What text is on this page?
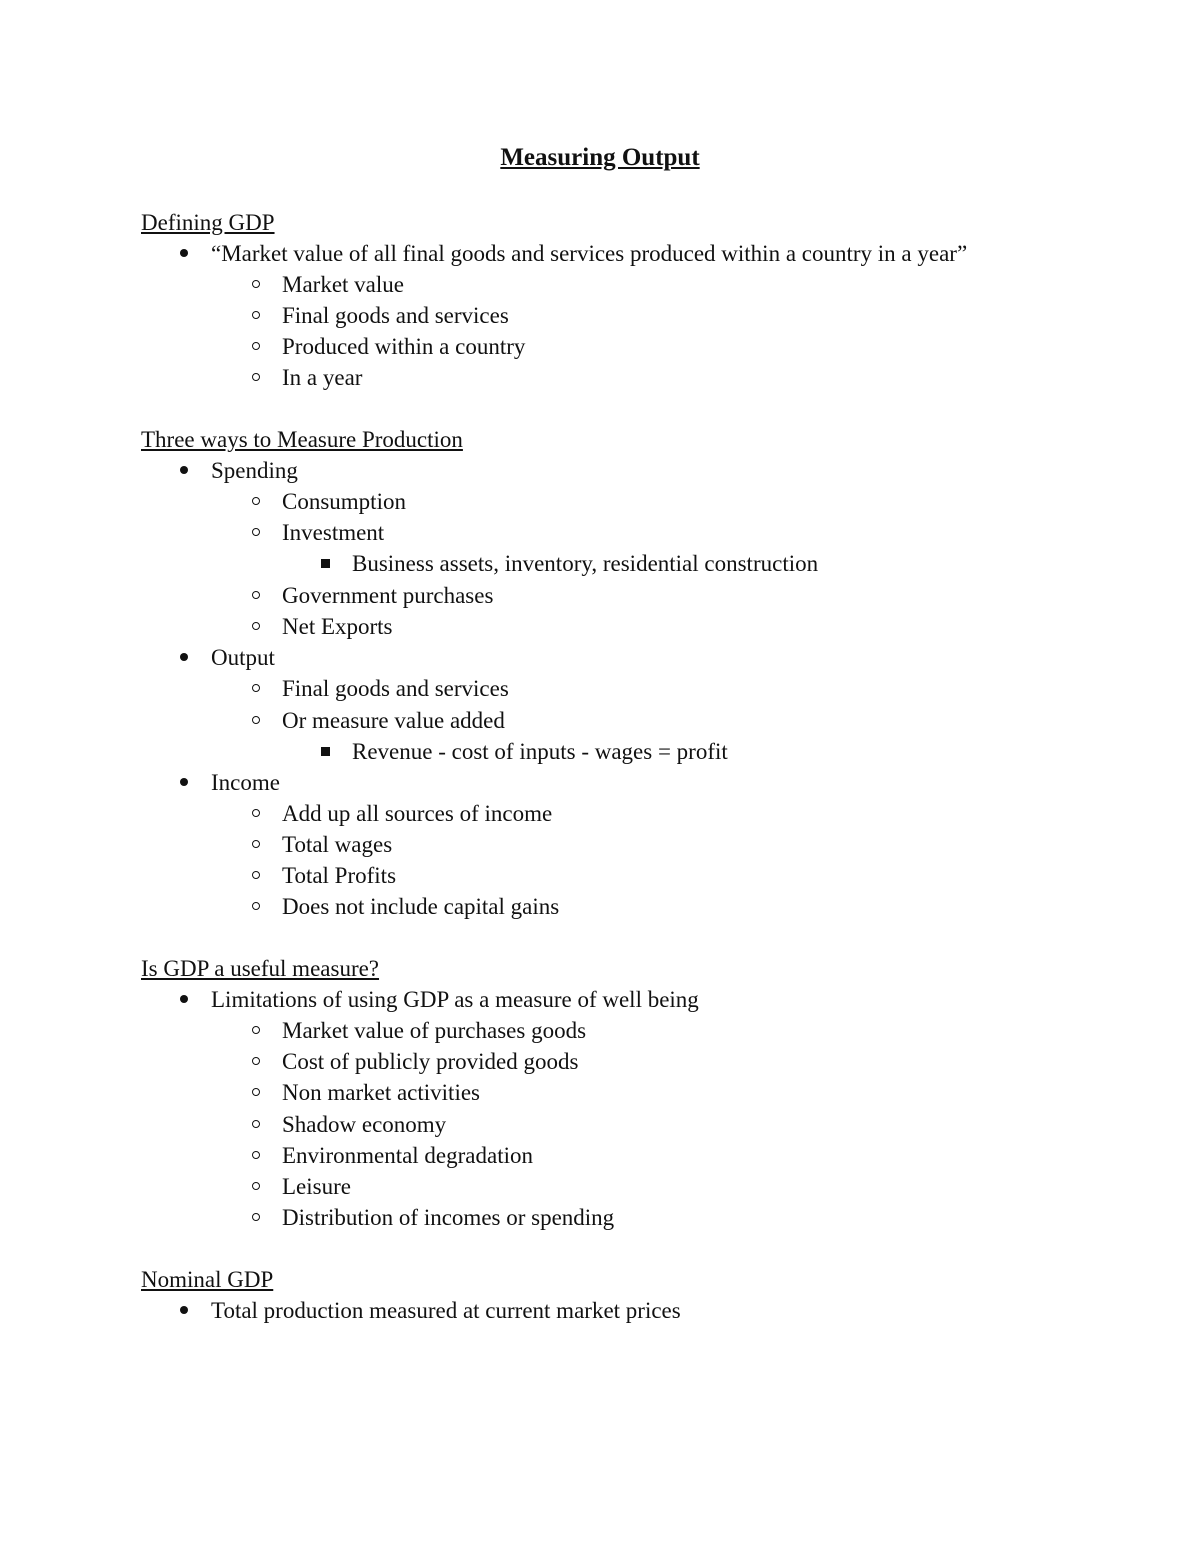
Measuring Output
Defining GDP
“Market value of all final goods and services produced within a country in a year”
Market value
Final goods and services
Produced within a country
In a year
Three ways to Measure Production
Spending
Consumption
Investment
Business assets, inventory, residential construction
Government purchases
Net Exports
Output
Final goods and services
Or measure value added
Revenue - cost of inputs - wages = profit
Income
Add up all sources of income
Total wages
Total Profits
Does not include capital gains
Is GDP a useful measure?
Limitations of using GDP as a measure of well being
Market value of purchases goods
Cost of publicly provided goods
Non market activities
Shadow economy
Environmental degradation
Leisure
Distribution of incomes or spending
Nominal GDP
Total production measured at current market prices
